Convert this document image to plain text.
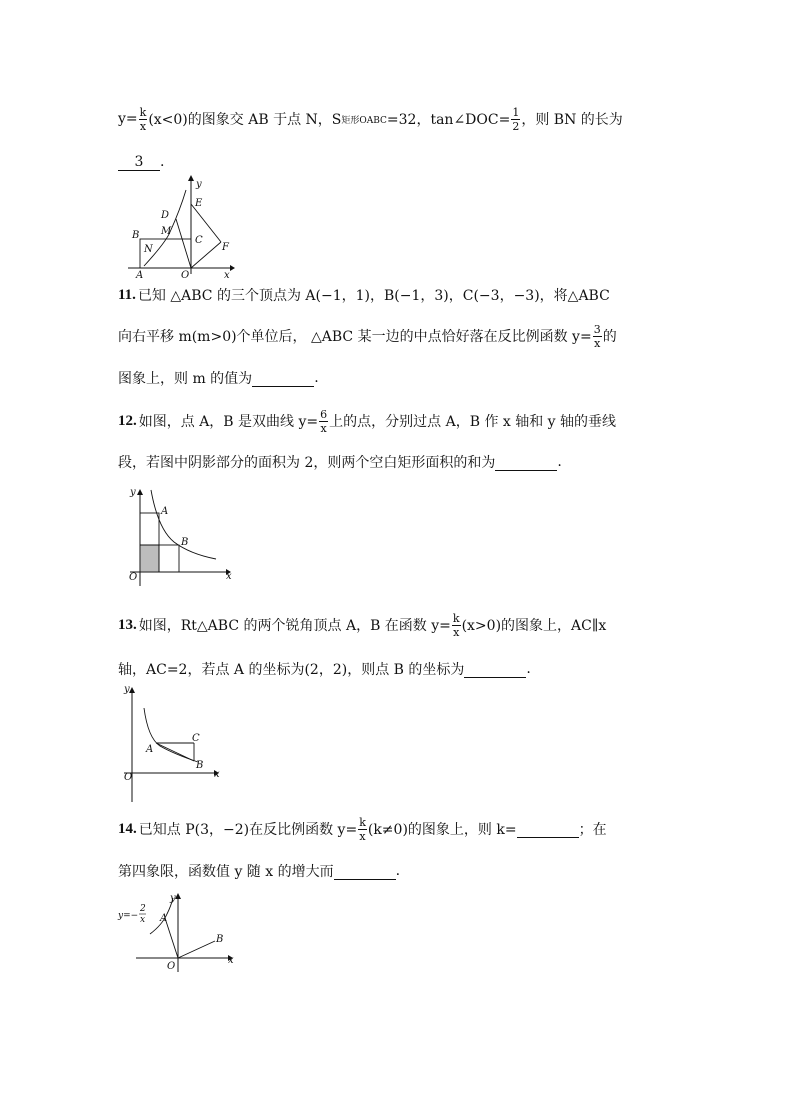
$y= \frac{k}{x} (x<0)$的图象交 AB 于点 N，S 矩形OABC =32，tan∠DOC= $\frac{1}{2}$ ，则 BN 的长为
3	.
y
E
D
B M
C
N	F
A	O	x
11. 已知 △ABC 的三个顶点为 A(−1，1)，B(−1，3)，C(−3，−3)，将△ABC
向右平移 m(m>0)个单位后， △ABC 某一边的中点恰好落在反比例函数 $y= \frac{3}{x}$ 的
图象上，则 m 的值为	.
12. 如图，点 A，B 是双曲线 $y= \frac{6}{x}$ 上的点，分别过点 A，B 作 x 轴和 y 轴的垂线
段，若图中阴影部分的面积为 2，则两个空白矩形面积的和为	.
y
A
B
O	x
13. 如图，Rt△ABC 的两个锐角顶点 A，B 在函数 $y= \frac{k}{x} (x>0)$的图象上，AC∥x
轴，AC=2，若点 A 的坐标为(2，2)，则点 B 的坐标为	.
y
C
A
B
O	x
14. 已知点 P(3，−2)在反比例函数 $y= \frac{k}{x} (k\ne 0)$的图象上，则 k=	；在
第四象限，函数值 y 随 x 的增大而	.
y=−
2
x
y
A
B
O
x
